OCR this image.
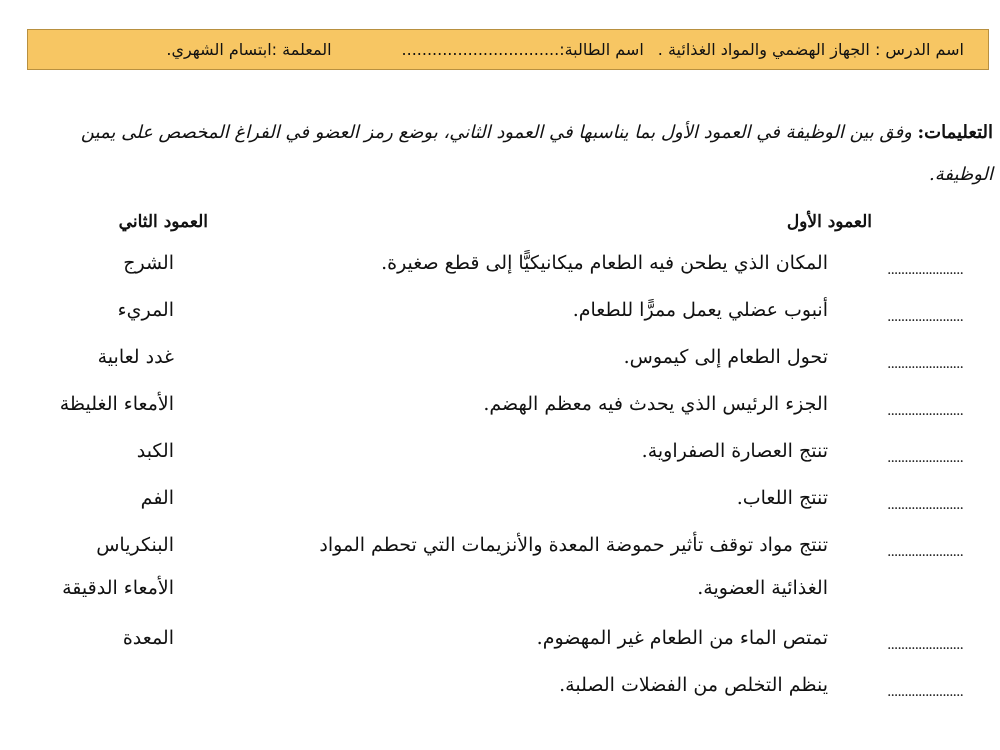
اسم الدرس : الجهاز الهضمي والمواد الغذائية .
اسم الطالبة:...............................
المعلمة :ابتسام الشهري.
التعليمات: وفق بين الوظيفة في العمود الأول بما يناسبها في العمود الثاني، بوضع رمز العضو في الفراغ المخصص على يمين الوظيفة.
العمود الأول
العمود الثاني
......................
المكان الذي يطحن فيه الطعام ميكانيكيًّا إلى قطع صغيرة.
الشرج
......................
أنبوب عضلي يعمل ممرًّا للطعام.
المريء
......................
تحول الطعام إلى كيموس.
غدد لعابية
......................
الجزء الرئيس الذي يحدث فيه معظم الهضم.
الأمعاء الغليظة
......................
تنتج العصارة الصفراوية.
الكبد
......................
تنتج اللعاب.
الفم
......................
تنتج مواد توقف تأثير حموضة المعدة والأنزيمات التي تحطم المواد
البنكرياس
الغذائية العضوية.
الأمعاء الدقيقة
......................
تمتص الماء من الطعام غير المهضوم.
المعدة
......................
ينظم التخلص من الفضلات الصلبة.
